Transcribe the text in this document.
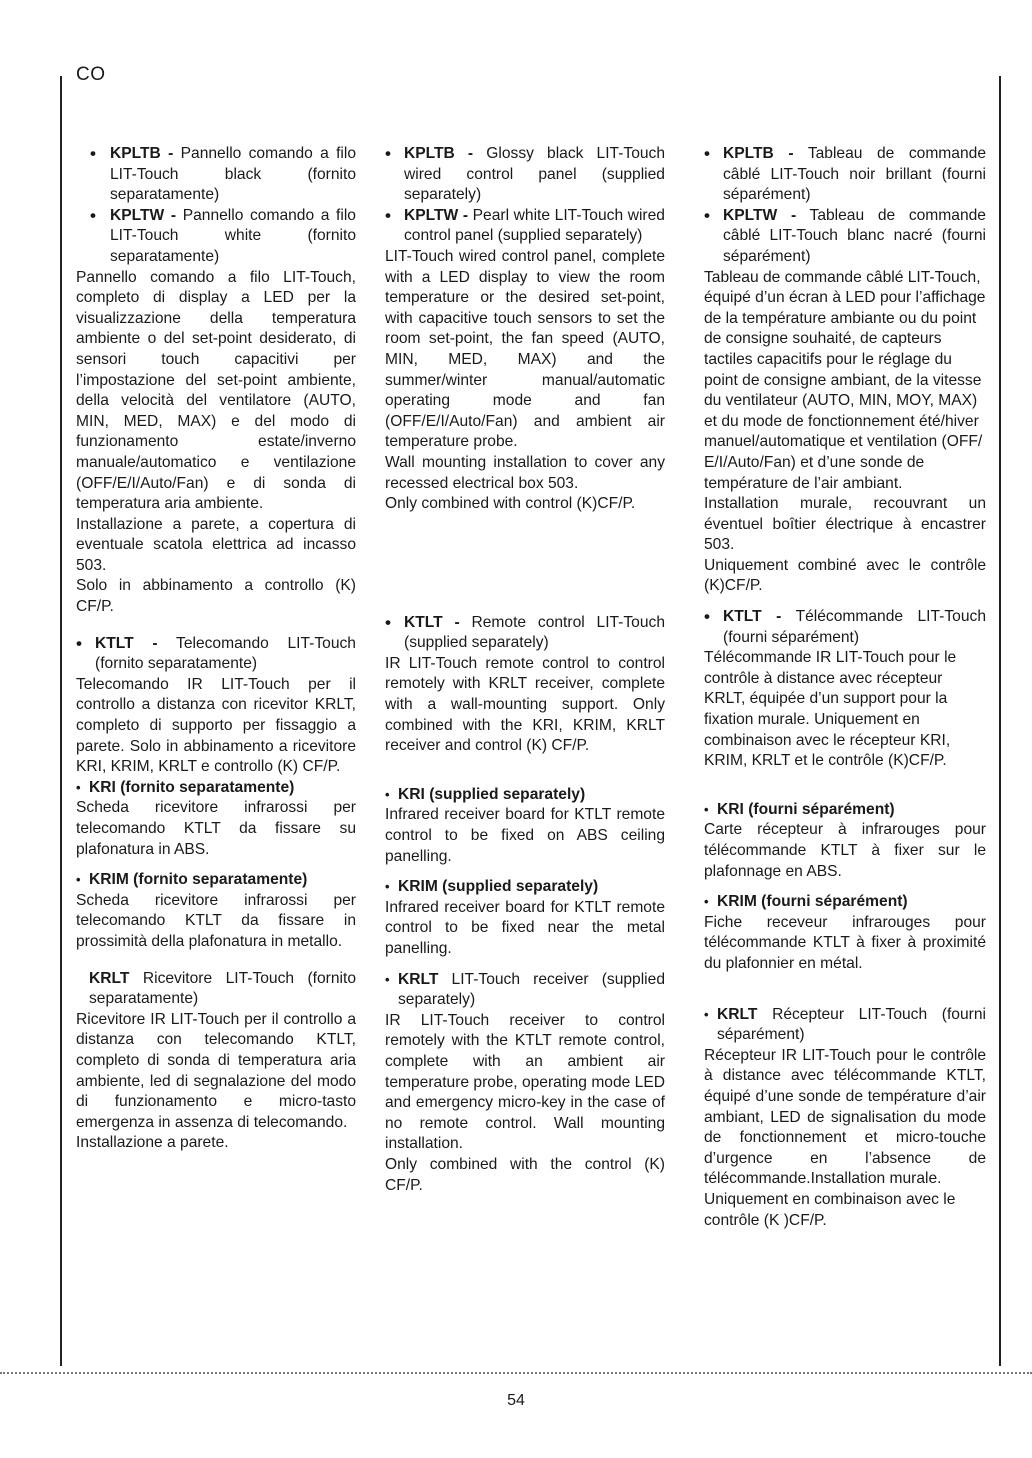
CO
• KPLTB - Pannello comando a filo LIT-Touch black (fornito separatamente)
• KPLTW - Pannello comando a filo LIT-Touch white (fornito separatamente)

Pannello comando a filo LIT-Touch, completo di display a LED per la visualizzazione della temperatura ambiente o del set-point desiderato, di sensori touch capacitivi per l’impostazione del set-point ambiente, della velocità del ventilatore (AUTO, MIN, MED, MAX) e del modo di funzionamento estate/inverno manuale/automatico e ventilazione (OFF/E/I/Auto/Fan) e di sonda di temperatura aria ambiente.

Installazione a parete, a copertura di eventuale scatola elettrica ad incasso 503.

Solo in abbinamento a controllo (K) CF/P.

• KTLT - Telecomando LIT-Touch (fornito separatamente)

Telecomando IR LIT-Touch per il controllo a distanza con ricevitor KRLT, completo di supporto per fissaggio a parete. Solo in abbinamento a ricevitore KRI, KRIM, KRLT e controllo (K) CF/P.

• KRI (fornito separatamente)

Scheda ricevitore infrarossi per telecomando KTLT da fissare su plafonatura in ABS.

• KRIM (fornito separatamente)

Scheda ricevitore infrarossi per telecomando KTLT da fissare in prossimità della plafonatura in metallo.

KRLT Ricevitore LIT-Touch (fornito separatamente)

Ricevitore IR LIT-Touch per il controllo a distanza con telecomando KTLT, completo di sonda di temperatura aria ambiente, led di segnalazione del modo di funzionamento e micro-tasto emergenza in assenza di telecomando.

Installazione a parete.

• KPLTB - Glossy black LIT-Touch wired control panel (supplied separately)
• KPLTW - Pearl white LIT-Touch wired control panel (supplied separately)

LIT-Touch wired control panel, complete with a LED display to view the room temperature or the desired set-point, with capacitive touch sensors to set the room set-point, the fan speed (AUTO, MIN, MED, MAX) and the summer/winter manual/automatic operating mode and fan (OFF/E/I/Auto/Fan) and ambient air temperature probe.

Wall mounting installation to cover any recessed electrical box 503.

Only combined with control (K)CF/P.

• KTLT - Remote control LIT-Touch (supplied separately)

IR LIT-Touch remote control to control remotely with KRLT receiver, complete with a wall-mounting support. Only combined with the KRI, KRIM, KRLT receiver and control (K) CF/P.

• KRI (supplied separately)

Infrared receiver board for KTLT remote control to be fixed on ABS ceiling panelling.

• KRIM (supplied separately)

Infrared receiver board for KTLT remote control to be fixed near the metal panelling.

• KRLT LIT-Touch receiver (supplied separately)

IR LIT-Touch receiver to control remotely with the KTLT remote control, complete with an ambient air temperature probe, operating mode LED and emergency micro-key in the case of no remote control. Wall mounting installation.

Only combined with the control (K) CF/P.

• KPLTB - Tableau de commande câblé LIT-Touch noir brillant (fourni séparément)
• KPLTW - Tableau de commande câblé LIT-Touch blanc nacré (fourni séparément)

Tableau de commande câblé LIT-Touch, équipé d’un écran à LED pour l’affichage de la température ambiante ou du point de consigne souhaité, de capteurs tactiles capacitifs pour le réglage du point de consigne ambiant, de la vitesse du ventilateur (AUTO, MIN, MOY, MAX) et du mode de fonctionnement été/hiver manuel/automatique et ventilation (OFF/ E/I/Auto/Fan) et d’une sonde de température de l’air ambiant.

Installation murale, recouvrant un éventuel boîtier électrique à encastrer 503.

Uniquement combiné avec le contrôle (K)CF/P.

• KTLT - Télécommande LIT-Touch (fourni séparément)

Télécommande IR LIT-Touch pour le contrôle à distance avec récepteur KRLT, équipée d’un support pour la fixation murale. Uniquement en combinaison avec le récepteur KRI, KRIM, KRLT et le contrôle (K)CF/P.

• KRI (fourni séparément)

Carte récepteur à infrarouges pour télécommande KTLT à fixer sur le plafonnage en ABS.

• KRIM (fourni séparément)

Fiche receveur infrarouges pour télécommande KTLT à fixer à proximité du plafonnier en métal.

• KRLT Récepteur LIT-Touch (fourni séparément)

Récepteur IR LIT-Touch pour le contrôle à distance avec télécommande KTLT, équipé d’une sonde de température d’air ambiant, LED de signalisation du mode de fonctionnement et micro-touche d’urgence en l’absence de télécommande.Installation murale.

Uniquement en combinaison avec le contrôle (K )CF/P.

54
